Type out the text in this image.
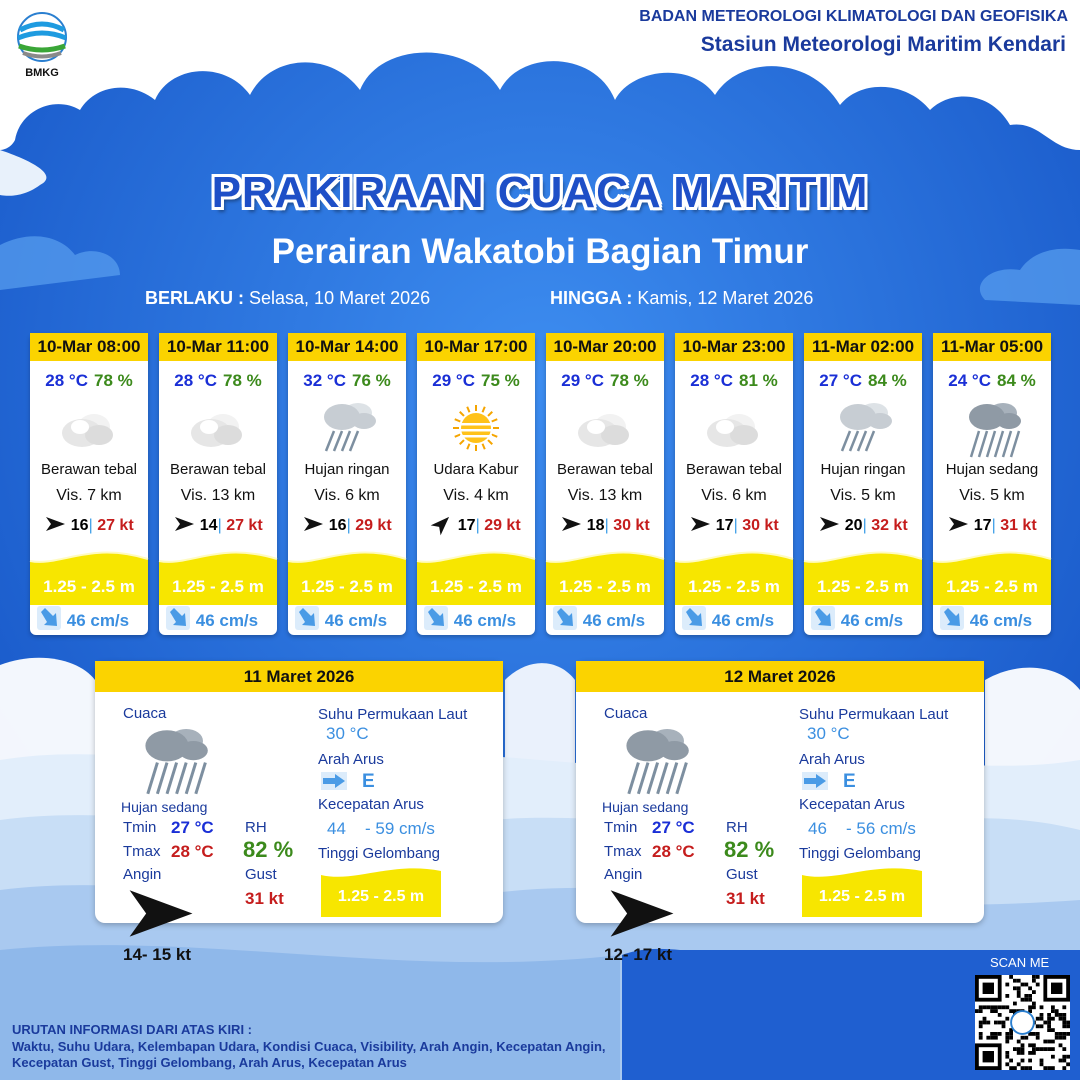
BMKG
BADAN METEOROLOGI KLIMATOLOGI DAN GEOFISIKA
Stasiun Meteorologi Maritim Kendari
PRAKIRAAN CUACA MARITIM
Perairan Wakatobi Bagian Timur
BERLAKU : Selasa, 10 Maret 2026	HINGGA : Kamis, 12 Maret 2026
10-Mar 08:00
28 °C 78 %
Berawan tebal
Vis. 7 km
16| 27 kt
1.25 - 2.5 m
46 cm/s
10-Mar 11:00
28 °C 78 %
Berawan tebal
Vis. 13 km
14| 27 kt
1.25 - 2.5 m
46 cm/s
10-Mar 14:00
32 °C 76 %
Hujan ringan
Vis. 6 km
16| 29 kt
1.25 - 2.5 m
46 cm/s
10-Mar 17:00
29 °C 75 %
Udara Kabur
Vis. 4 km
17| 29 kt
1.25 - 2.5 m
46 cm/s
10-Mar 20:00
29 °C 78 %
Berawan tebal
Vis. 13 km
18| 30 kt
1.25 - 2.5 m
46 cm/s
10-Mar 23:00
28 °C 81 %
Berawan tebal
Vis. 6 km
17| 30 kt
1.25 - 2.5 m
46 cm/s
11-Mar 02:00
27 °C 84 %
Hujan ringan
Vis. 5 km
20| 32 kt
1.25 - 2.5 m
46 cm/s
11-Mar 05:00
24 °C 84 %
Hujan sedang
Vis. 5 km
17| 31 kt
1.25 - 2.5 m
46 cm/s
11 Maret 2026
Cuaca
Hujan sedang
Tmin 27 °C
Tmax 28 °C
RH
82 %
Angin
14- 15 kt
Gust
31 kt
Suhu Permukaan Laut
30 °C
Arah Arus
E
Kecepatan Arus
44 - 59 cm/s
Tinggi Gelombang
1.25 - 2.5 m
12 Maret 2026
Cuaca
Hujan sedang
Tmin 27 °C
Tmax 28 °C
RH
82 %
Angin
12- 17 kt
Gust
31 kt
Suhu Permukaan Laut
30 °C
Arah Arus
E
Kecepatan Arus
46 - 56 cm/s
Tinggi Gelombang
1.25 - 2.5 m
URUTAN INFORMASI DARI ATAS KIRI :
Waktu, Suhu Udara, Kelembapan Udara, Kondisi Cuaca, Visibility, Arah Angin, Kecepatan Angin, Kecepatan Gust, Tinggi Gelombang, Arah Arus, Kecepatan Arus
SCAN ME
